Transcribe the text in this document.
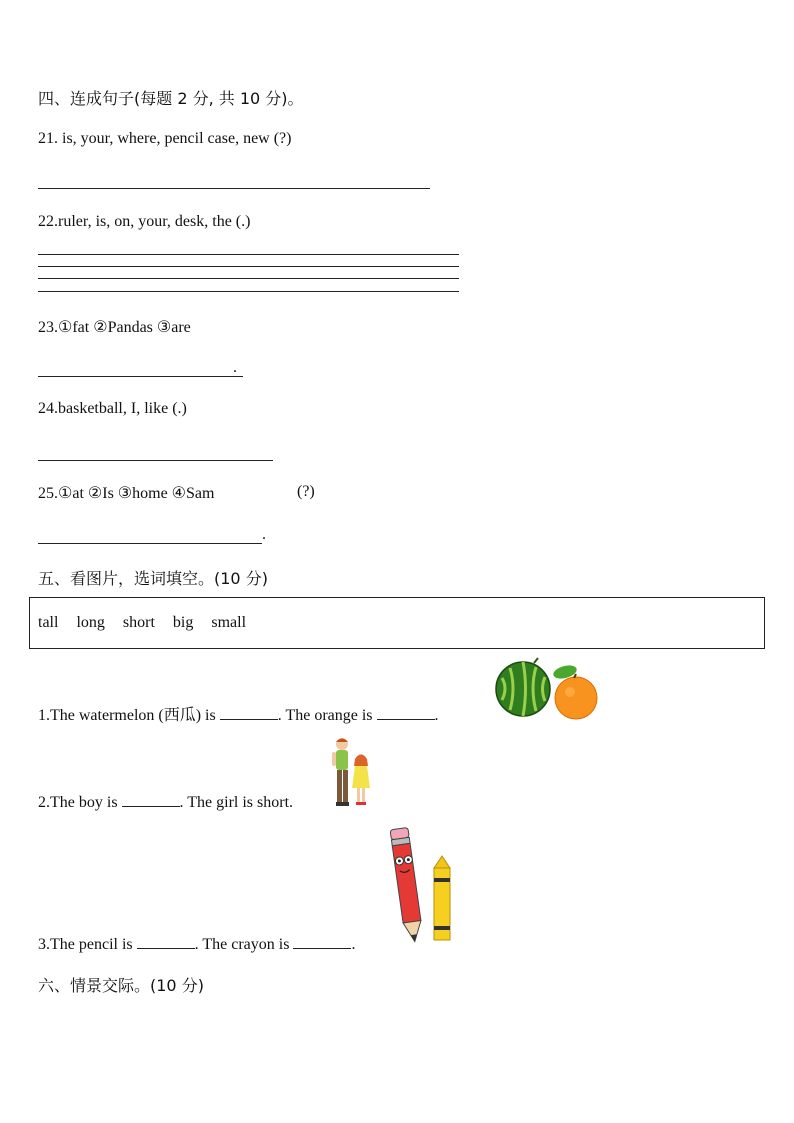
四、连成句子(每题 2 分, 共 10 分)。
21. is, your, where, pencil case, new (?)
22.ruler, is, on, your, desk, the (.)
23.①fat ②Pandas ③are
.
24.basketball, I, like (.)
25.①at ②Is ③home ④Sam	(?)
.
五、看图片，选词填空。(10 分)
tall long short big small
1.The watermelon (西瓜) is	. The orange is	.
2.The boy is	. The girl is short.
3.The pencil is	. The crayon is	.
六、情景交际。(10 分)
